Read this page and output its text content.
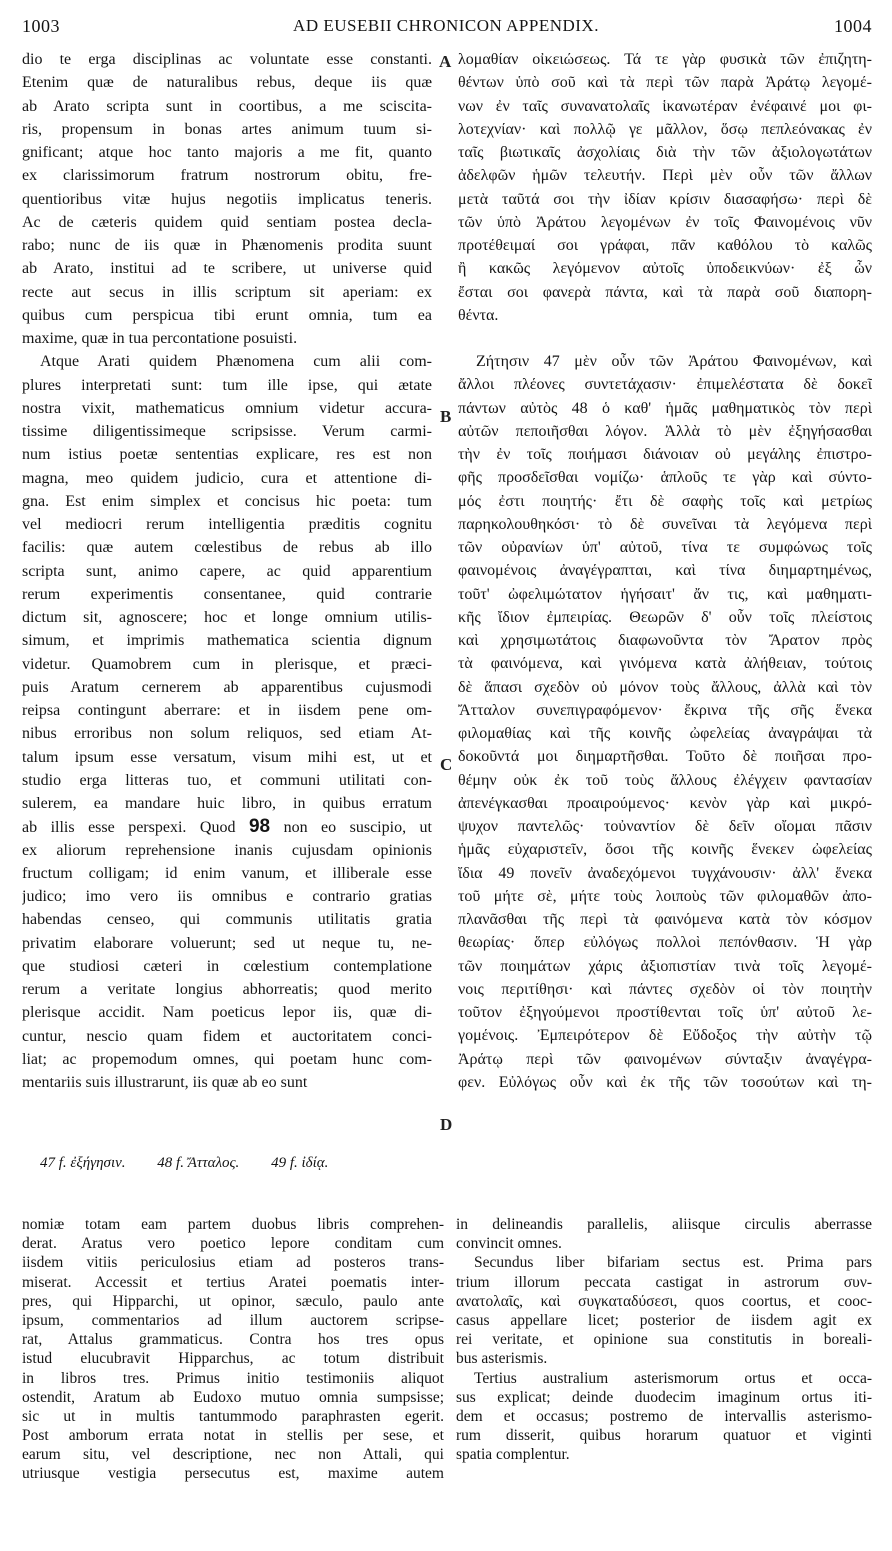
1003	AD EUSEBII CHRONICON APPENDIX.	1004
dio te erga disciplinas ac voluntate esse constanti.
Etenim quæ de naturalibus rebus, deque iis quæ
ab Arato scripta sunt in coortibus, a me sciscita-
ris, propensum in bonas artes animum tuum si-
gnificant; atque hoc tanto majoris a me fit, quanto
ex clarissimorum fratrum nostrorum obitu, fre-
quentioribus vitæ hujus negotiis implicatus teneris.
Ac de cæteris quidem quid sentiam postea decla-
rabo; nunc de iis quæ in Phænomenis prodita suunt
ab Arato, institui ad te scribere, ut universe quid
recte aut secus in illis scriptum sit aperiam: ex
quibus cum perspicua tibi erunt omnia, tum ea
maxime, quæ in tua percontatione posuisti.
Atque Arati quidem Phænomena cum alii com-
plures interpretati sunt: tum ille ipse, qui ætate
nostra vixit, mathematicus omnium videtur accura-
tissime diligentissimeque scripsisse. Verum carmi-
num istius poetæ sententias explicare, res est non
magna, meo quidem judicio, cura et attentione di-
gna. Est enim simplex et concisus hic poeta: tum
vel mediocri rerum intelligentia præditis cognitu
facilis: quæ autem cœlestibus de rebus ab illo
scripta sunt, animo capere, ac quid apparentium
rerum experimentis consentanee, quid contrarie
dictum sit, agnoscere; hoc et longe omnium utilis-
simum, et imprimis mathematica scientia dignum
videtur. Quamobrem cum in plerisque, et præci-
puis Aratum cernerem ab apparentibus cujusmodi
reipsa contingunt aberrare: et in iisdem pene om-
nibus erroribus non solum reliquos, sed etiam At-
talum ipsum esse versatum, visum mihi est, ut et
studio erga litteras tuo, et communi utilitati con-
sulerem, ea mandare huic libro, in quibus erratum
ab illis esse perspexi. Quod 98 non eo suscipio, ut
ex aliorum reprehensione inanis cujusdam opinionis
fructum colligam; id enim vanum, et illiberale esse
judico; imo vero iis omnibus e contrario gratias
habendas censeo, qui communis utilitatis gratia
privatim elaborare voluerunt; sed ut neque tu, ne-
que studiosi cæteri in cœlestium contemplatione
rerum a veritate longius abhorreatis; quod merito
plerisque accidit. Nam poeticus lepor iis, quæ di-
cuntur, nescio quam fidem et auctoritatem conci-
liat; ac propemodum omnes, qui poetam hunc com-
mentariis suis illustrarunt, iis quæ ab eo sunt
λομαθίαν οἰκειώσεως. Τά τε γὰρ φυσικὰ τῶν ἐπιζητη-
θέντων ὑπὸ σοῦ καὶ τὰ περὶ τῶν παρὰ Ἀράτῳ λεγομέ-
νων ἐν ταῖς συνανατολαῖς ἱκανωτέραν ἐνέφαινέ μοι φι-
λοτεχνίαν· καὶ πολλῷ γε μᾶλλον, ὅσῳ πεπλεόνακας ἐν
ταῖς βιωτικαῖς ἀσχολίαις διὰ τὴν τῶν ἀξιολογωτάτων
ἀδελφῶν ἡμῶν τελευτήν. Περὶ μὲν οὖν τῶν ἄλλων
μετὰ ταῦτά σοι τὴν ἰδίαν κρίσιν διασαφήσω· περὶ δὲ
τῶν ὑπὸ Ἀράτου λεγομένων ἐν τοῖς Φαινομένοις νῦν
προτέθειμαί σοι γράφαι, πᾶν καθόλου τὸ καλῶς
ἢ κακῶς λεγόμενον αὐτοῖς ὑποδεικνύων· ἐξ ὧν
ἔσται σοι φανερὰ πάντα, καὶ τὰ παρὰ σοῦ διαπορη-
θέντα.
Ζήτησιν 47 μὲν οὖν τῶν Ἀράτου Φαινομένων, καὶ
ἄλλοι πλέονες συντετάχασιν· ἐπιμελέστατα δὲ δοκεῖ
πάντων αὐτὸς 48 ὁ καθ' ἡμᾶς μαθηματικὸς τὸν περὶ
αὐτῶν πεποιῆσθαι λόγον. Ἀλλὰ τὸ μὲν ἐξηγήσασθαι
τὴν ἐν τοῖς ποιήμασι διάνοιαν οὐ μεγάλης ἐπιστρο-
φῆς προσδεῖσθαι νομίζω· ἁπλοῦς τε γὰρ καὶ σύντο-
μός ἐστι ποιητής· ἔτι δὲ σαφὴς τοῖς καὶ μετρίως
παρηκολουθηκόσι· τὸ δὲ συνεῖναι τὰ λεγόμενα περὶ
τῶν οὐρανίων ὑπ' αὐτοῦ, τίνα τε συμφώνως τοῖς
φαινομένοις ἀναγέγραπται, καὶ τίνα διημαρτημένως,
τοῦτ' ὠφελιμώτατον ἡγήσαιτ' ἄν τις, καὶ μαθηματι-
κῆς ἴδιον ἐμπειρίας. Θεωρῶν δ' οὖν τοῖς πλείστοις
καὶ χρησιμωτάτοις διαφωνοῦντα τὸν Ἄρατον πρὸς
τὰ φαινόμενα, καὶ γινόμενα κατὰ ἀλήθειαν, τούτοις
δὲ ἅπασι σχεδὸν οὐ μόνον τοὺς ἄλλους, ἀλλὰ καὶ τὸν
Ἄτταλον συνεπιγραφόμενον· ἔκρινα τῆς σῆς ἕνεκα
φιλομαθίας καὶ τῆς κοινῆς ὠφελείας ἀναγράψαι τὰ
δοκοῦντά μοι διημαρτῆσθαι. Τοῦτο δὲ ποιῆσαι προ-
θέμην οὐκ ἐκ τοῦ τοὺς ἄλλους ἐλέγχειν φαντασίαν
ἀπενέγκασθαι προαιρούμενος· κενὸν γὰρ καὶ μικρό-
ψυχον παντελῶς· τοὐναντίον δὲ δεῖν οἴομαι πᾶσιν
ἡμᾶς εὐχαριστεῖν, ὅσοι τῆς κοινῆς ἕνεκεν ὠφελείας
ἴδια 49 πονεῖν ἀναδεχόμενοι τυγχάνουσιν· ἀλλ' ἕνεκα
τοῦ μήτε σὲ, μήτε τοὺς λοιποὺς τῶν φιλομαθῶν ἀπο-
πλανᾶσθαι τῆς περὶ τὰ φαινόμενα κατὰ τὸν κόσμον
θεωρίας· ὅπερ εὐλόγως πολλοὶ πεπόνθασιν. Ἡ γὰρ
τῶν ποιημάτων χάρις ἀξιοπιστίαν τινὰ τοῖς λεγομέ-
νοις περιτίθησι· καὶ πάντες σχεδὸν οἱ τὸν ποιητὴν
τοῦτον ἐξηγούμενοι προστίθενται τοῖς ὑπ' αὐτοῦ λε-
γομένοις. Ἐμπειρότερον δὲ Εὔδοξος τὴν αὐτὴν τῷ
Ἀράτῳ περὶ τῶν φαινομένων σύνταξιν ἀναγέγρα-
φεν. Εὐλόγως οὖν καὶ ἐκ τῆς τῶν τοσούτων καὶ τη-
A
B
C
D
47 f. ἐξήγησιν. 48 f. Ἄτταλος. 49 f. ἰδίᾳ.
nomiæ totam eam partem duobus libris comprehen-
derat. Aratus vero poetico lepore conditam cum
iisdem vitiis periculosius etiam ad posteros trans-
miserat. Accessit et tertius Aratei poematis inter-
pres, qui Hipparchi, ut opinor, sæculo, paulo ante
ipsum, commentarios ad illum auctorem scripse-
rat, Attalus grammaticus. Contra hos tres opus
istud elucubravit Hipparchus, ac totum distribuit
in libros tres. Primus initio testimoniis aliquot
ostendit, Aratum ab Eudoxo mutuo omnia sumpsisse;
sic ut in multis tantummodo paraphrasten egerit.
Post amborum errata notat in stellis per sese, et
earum situ, vel descriptione, nec non Attali, qui
utriusque vestigia persecutus est, maxime autem
in delineandis parallelis, aliisque circulis aberrasse
convincit omnes.
Secundus liber bifariam sectus est. Prima pars
trium illorum peccata castigat in astrorum συν-
ανατολαῖς, καὶ συγκαταδύσεσι, quos coortus, et cooc-
casus appellare licet; posterior de iisdem agit ex
rei veritate, et opinione sua constitutis in boreali-
bus asterismis.
Tertius australium asterismorum ortus et occa-
sus explicat; deinde duodecim imaginum ortus iti-
dem et occasus; postremo de intervallis asterismo-
rum disserit, quibus horarum quatuor et viginti
spatia complentur.
